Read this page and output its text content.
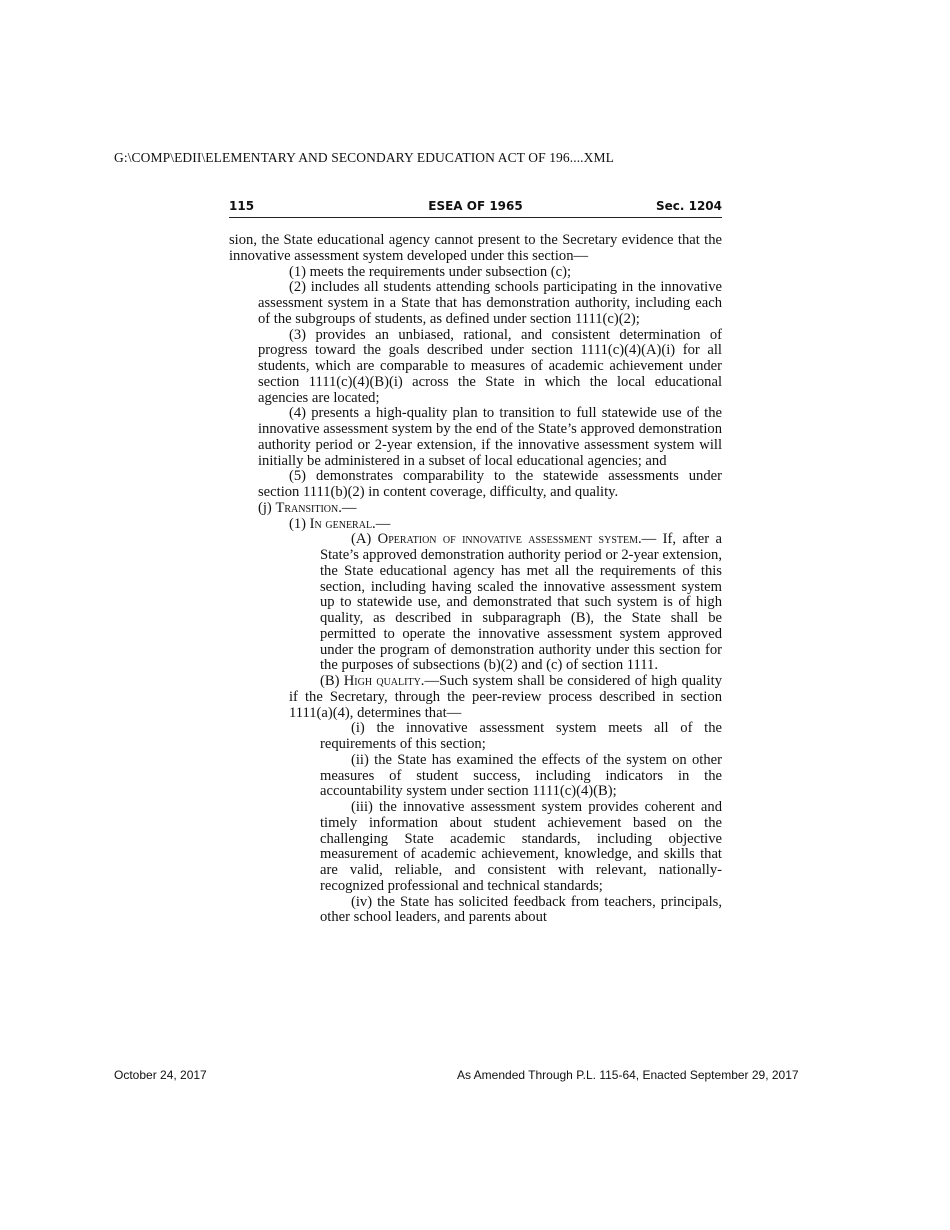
G:\COMP\EDII\ELEMENTARY AND SECONDARY EDUCATION ACT OF 196....XML
115	ESEA OF 1965	Sec. 1204

sion, the State educational agency cannot present to the Secretary evidence that the innovative assessment system developed under this section—

(1) meets the requirements under subsection (c);

(2) includes all students attending schools participating in the innovative assessment system in a State that has demonstration authority, including each of the subgroups of students, as defined under section 1111(c)(2);

(3) provides an unbiased, rational, and consistent determination of progress toward the goals described under section 1111(c)(4)(A)(i) for all students, which are comparable to measures of academic achievement under section 1111(c)(4)(B)(i) across the State in which the local educational agencies are located;

(4) presents a high-quality plan to transition to full statewide use of the innovative assessment system by the end of the State’s approved demonstration authority period or 2-year extension, if the innovative assessment system will initially be administered in a subset of local educational agencies; and

(5) demonstrates comparability to the statewide assessments under section 1111(b)(2) in content coverage, difficulty, and quality.

(j) Transition.—

(1) In general.—

(A) Operation of innovative assessment system.— If, after a State’s approved demonstration authority period or 2-year extension, the State educational agency has met all the requirements of this section, including having scaled the innovative assessment system up to statewide use, and demonstrated that such system is of high quality, as described in subparagraph (B), the State shall be permitted to operate the innovative assessment system approved under the program of demonstration authority under this section for the purposes of subsections (b)(2) and (c) of section 1111.

(B) High quality.—Such system shall be considered of high quality if the Secretary, through the peer-review process described in section 1111(a)(4), determines that—

(i) the innovative assessment system meets all of the requirements of this section;

(ii) the State has examined the effects of the system on other measures of student success, including indicators in the accountability system under section 1111(c)(4)(B);

(iii) the innovative assessment system provides coherent and timely information about student achievement based on the challenging State academic standards, including objective measurement of academic achievement, knowledge, and skills that are valid, reliable, and consistent with relevant, nationally-recognized professional and technical standards;

(iv) the State has solicited feedback from teachers, principals, other school leaders, and parents about

October 24, 2017	As Amended Through P.L. 115-64, Enacted September 29, 2017
